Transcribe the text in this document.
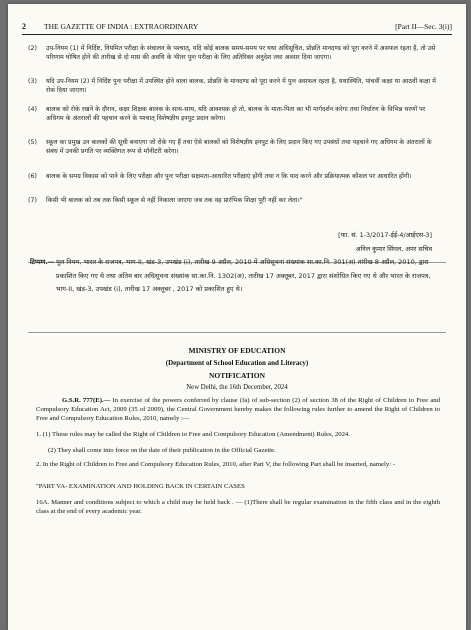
2 THE GAZETTE OF INDIA : EXTRAORDINARY	[Part II—Sec. 3(i)]
(2) उप-नियम (1) में निर्दिष्ट, नियमित परीक्षा के संचालन के पश्चात्, यदि कोई बालक समय-समय पर यथा अधिसूचित, प्रोन्नति मानदण्ड को पूरा करने में असफल रहता है, तो उसे परिणाम घोषित होने की तारीख से दो मास की अवधि के भीतर पुनः परीक्षा के लिए अतिरिक्त अनुदेश तथा अवसर दिया जाएगा।
(3) यदि उप-नियम (2) में निर्दिष्ट पुनः परीक्षा में उपस्थित होने वाला बालक, प्रोन्नति के मानदण्ड को पूरा करने में पुनः असफल रहता है, यथास्थिति, पांचवीं कक्षा या आठवीं कक्षा में रोक दिया जाएगा।
(4) बालक को रोके रखने के दौरान, कक्षा शिक्षक बालक के साथ-साथ, यदि आवश्यक हो तो, बालक के माता-पिता का भी मार्गदर्शन करेगा तथा निर्धारण के विभिन्न चरणों पर अधिगम के अंतरालों की पहचान करने के पश्चात् विशेषज्ञीय इनपुट प्रदान करेगा।
(5) स्कूल का प्रमुख उन बालकों की सूची बनाएगा जो रोके गए हैं तथा ऐसे बालकों को विशेषज्ञीय इनपुट के लिए प्रदान किए गए उपबंधों तथा पहचाने गए अधिगम के अंतरालों के संबंध में उनकी प्रगति पर व्यक्तिगत रूप से मॉनीटरी करेगा।
(6) बालक के समग्र विकास को पाने के लिए परीक्षा और पुनः परीक्षा सक्षमता-आधारित परीक्षाएं होंगी तथा न कि याद करने और प्रक्रियात्मक कौशल पर आधारित होंगी।
(7) किसी भी बालक को तब तक किसी स्कूल से नहीं निकाला जाएगा जब तक वह प्रारंभिक शिक्षा पूरी नहीं कर लेता।"
[फा. सं. 1-3/2017-ईई-4/आईएस-3]
अनिल कुमार सिंघल, अपर सचिव
टिप्पण.— मूल नियम, भारत के राजपत्र, भाग-II, खंड-3, उपखंड (i), तारीख 9 अप्रैल, 2010 में अधिसूचना संख्यांक सा.का.नि. 301(अ) तारीख 8 अप्रैल, 2010, द्वारा प्रकाशित किए गए थे तथा अंतिम बार अधिसूचना संख्यांक सा.का.नि. 1302(अ), तारीख 17 अक्तूबर, 2017 द्वारा संशोधित किए गए थे और भारत के राजपत्र, भाग-II, खंड-3, उपखंड (i), तारीख 17 अक्तूबर , 2017 को प्रकाशित हुए थे।
MINISTRY OF EDUCATION
(Department of School Education and Literacy)
NOTIFICATION
New Delhi, the 16th December, 2024
G.S.R. 777(E).— In exercise of the powers conferred by clause (fa) of sub-section (2) of section 38 of the Right of Children to Free and Compulsory Education Act, 2009 (35 of 2009), the Central Government hereby makes the following rules further to amend the Right of Children to Free and Compulsory Education Rules, 2010, namely :—
1. (1) These rules may be called the Right of Children to Free and Compulsory Education (Amendment) Rules, 2024.
(2) They shall come into force on the date of their publication in the Official Gazette.
2. In the Right of Children to Free and Compulsory Education Rules, 2010, after Part V, the following Part shall be inserted, namely: -
"PART VA- EXAMINATION AND HOLDING BACK IN CERTAIN CASES
16A. Manner and conditions subject to which a child may be held back . — (1)There shall be regular examination in the fifth class and in the eighth class at the end of every academic year.
